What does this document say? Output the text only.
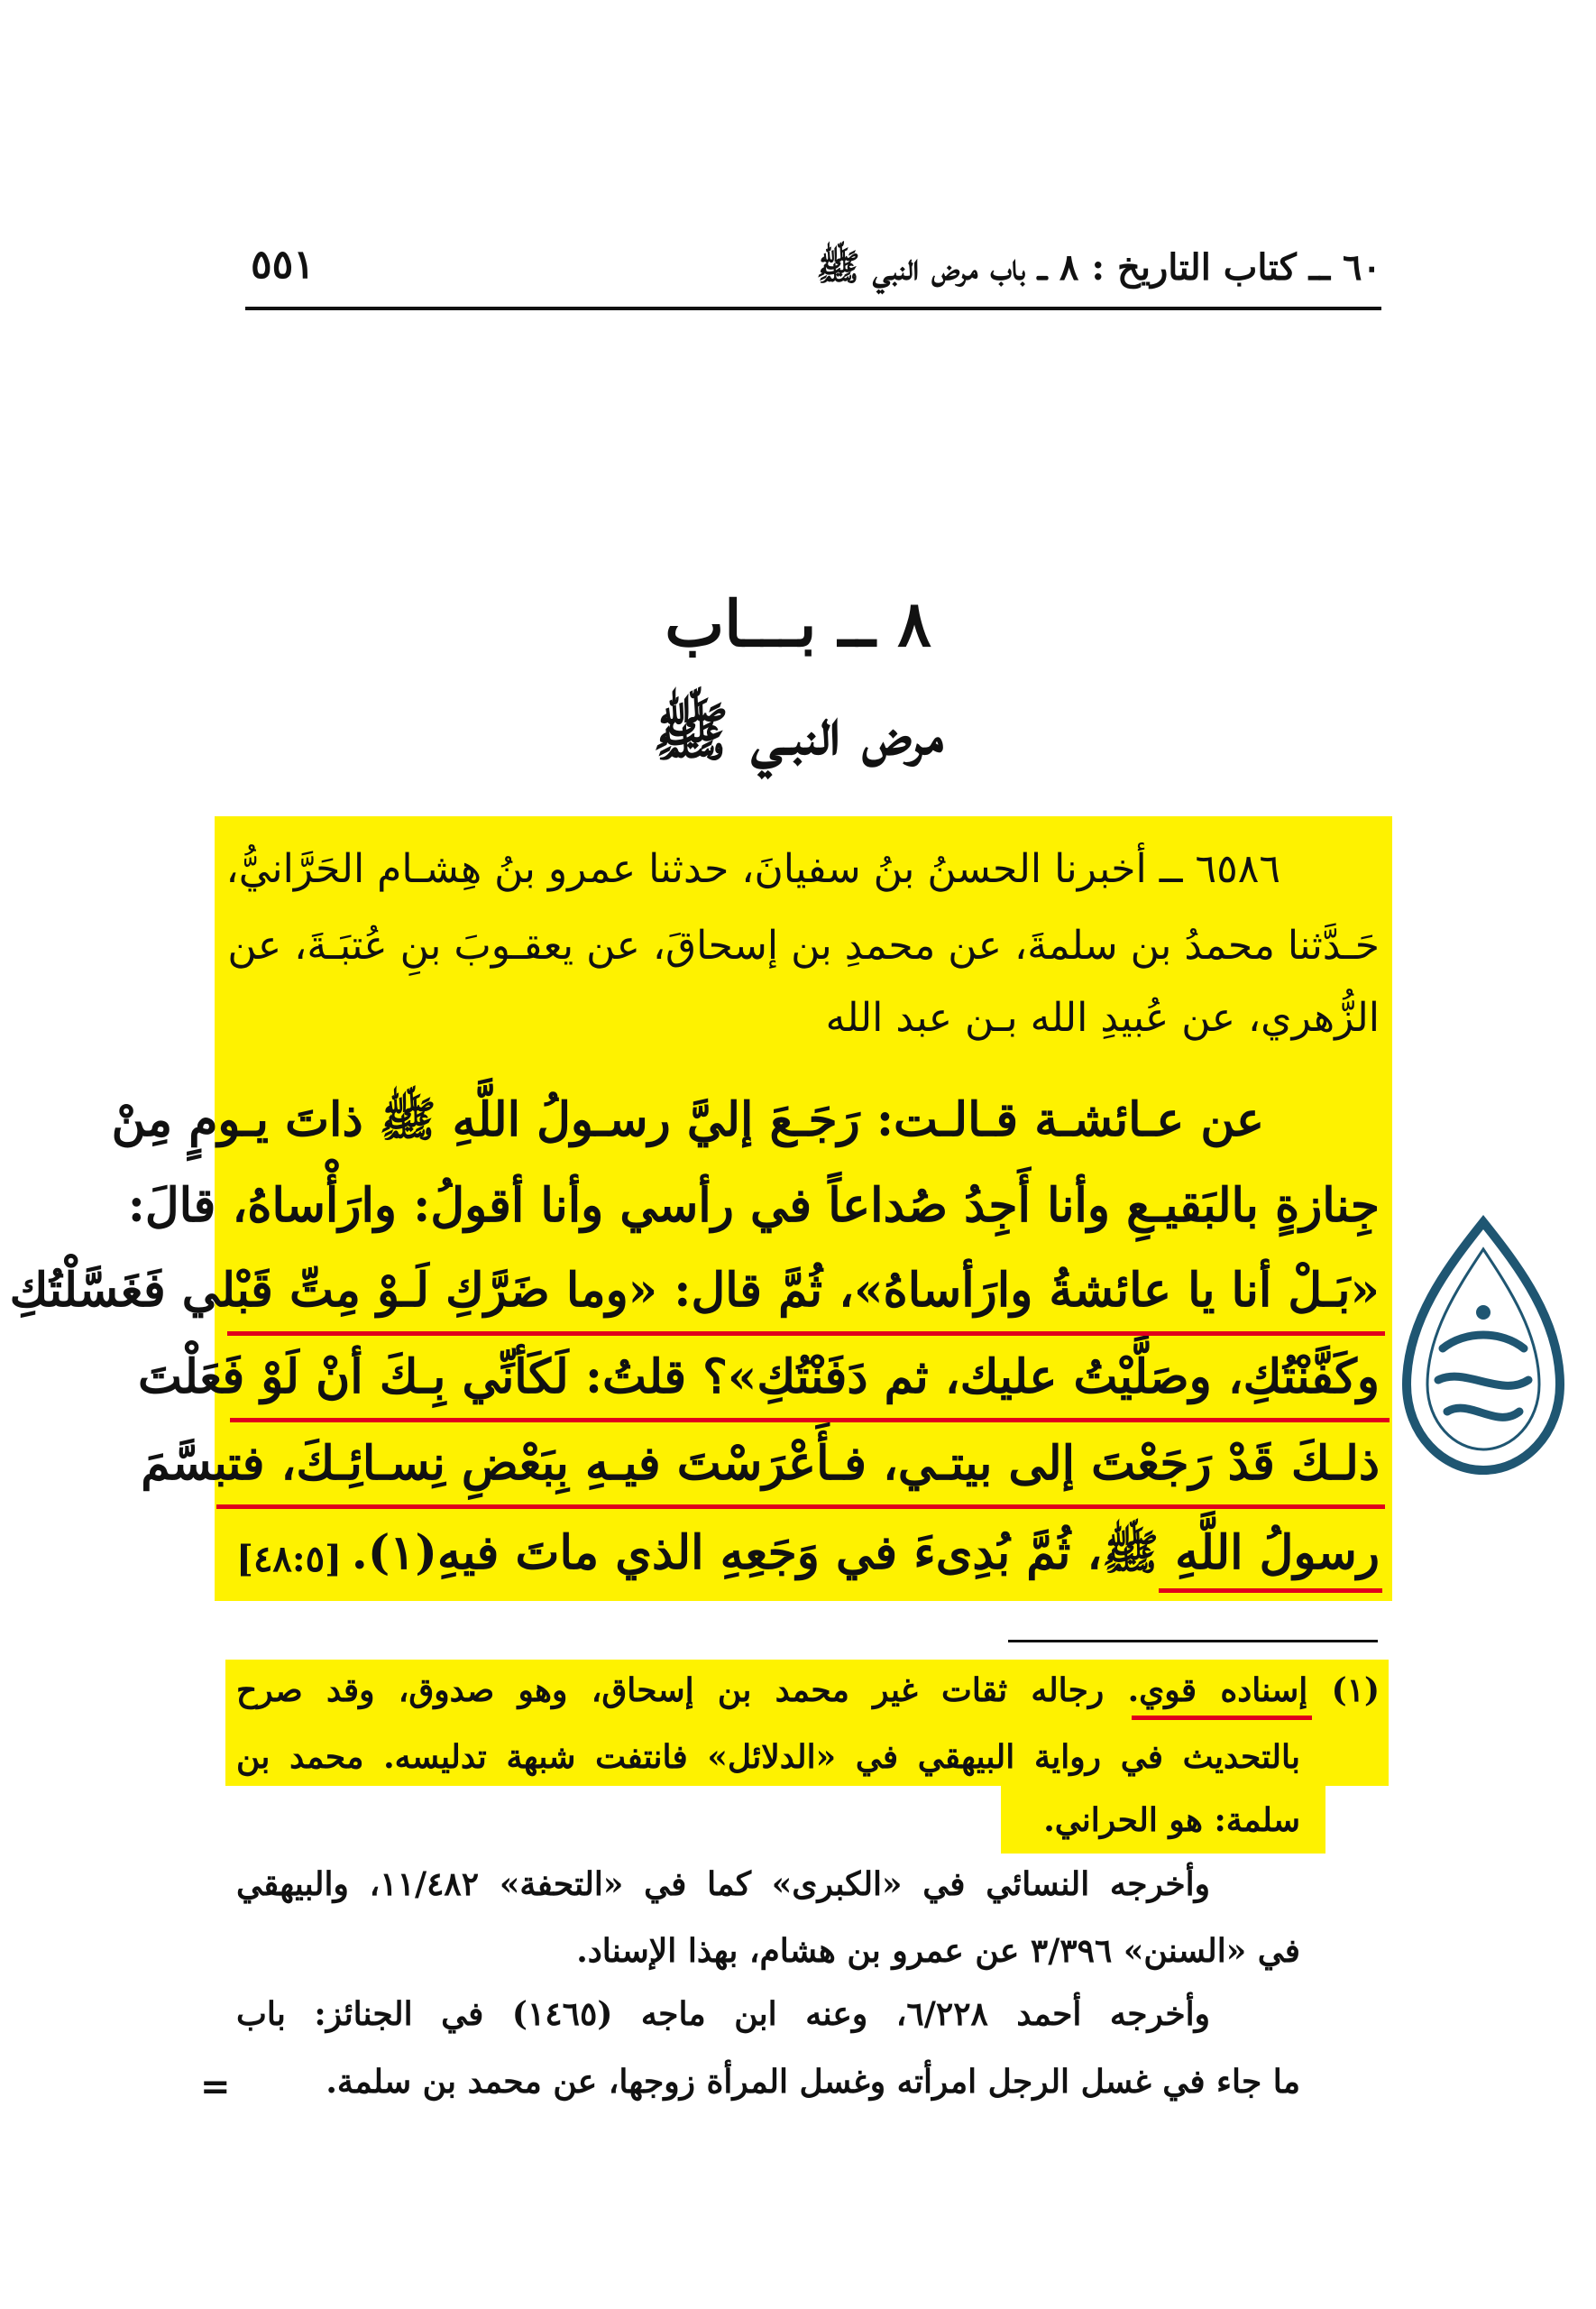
٦٠ ــ كتاب التاريخ : ٨ ــ باب مرض النبي ﷺ
٥٥١
٨ ــ بـــاب
مرض النبـي ﷺ
٦٥٨٦ ــ أخبرنا الحسنُ بنُ سفيانَ، حدثنا عمرو بنُ هِشـام الحَرَّانيُّ،
حَـدَّثنا محمدُ بن سلمةَ، عن محمدِ بن إسحاقَ، عن يعقـوبَ بنِ عُتبَـةَ، عن
الزُّهري، عن عُبيدِ الله بـن عبد الله
عن عـائشـة قـالـت: رَجَـعَ إليَّ رسـولُ اللَّهِ ﷺ ذاتَ يـومٍ مِنْ
جِنازةٍ بالبَقيـعِ وأنا أَجِدُ صُداعاً في رأسي وأنا أقولُ: وارَأْساهُ، قالَ:
«بَـلْ أنا يا عائشةُ وارَأساهُ»، ثُمَّ قال: «وما ضَرَّكِ لَـوْ مِتِّ قَبْلي فَغَسَّلْتُكِ
وكَفَّنْتُكِ، وصَلَّيْتُ عليك، ثم دَفَنْتُكِ»؟ قلتُ: لَكَأنِّي بِـكَ أنْ لَوْ فَعَلْتَ
ذلـكَ قَدْ رَجَعْتَ إلى بيتـي، فـأَعْرَسْتَ فيـهِ بِبَعْضِ نِسـائِـكَ، فتبسَّمَ
رسولُ اللَّهِ ﷺ، ثُمَّ بُدِىءَ في وَجَعِهِ الذي ماتَ فيهِ(١).
[٤٨:٥]
(١) إسناده قوي. رجاله ثقات غير محمد بن إسحاق، وهو صدوق، وقد صرح
بالتحديث في رواية البيهقي في «الدلائل» فانتفت شبهة تدليسه. محمد بن
سلمة: هو الحراني.
وأخرجه النسائي في «الكبرى» كما في «التحفة» ١١/٤٨٢، والبيهقي
في «السنن» ٣/٣٩٦ عن عمرو بن هشام، بهذا الإسناد.
وأخرجه أحمد ٦/٢٢٨، وعنه ابن ماجه (١٤٦٥) في الجنائز: باب
ما جاء في غسل الرجل امرأته وغسل المرأة زوجها، عن محمد بن سلمة.
=
